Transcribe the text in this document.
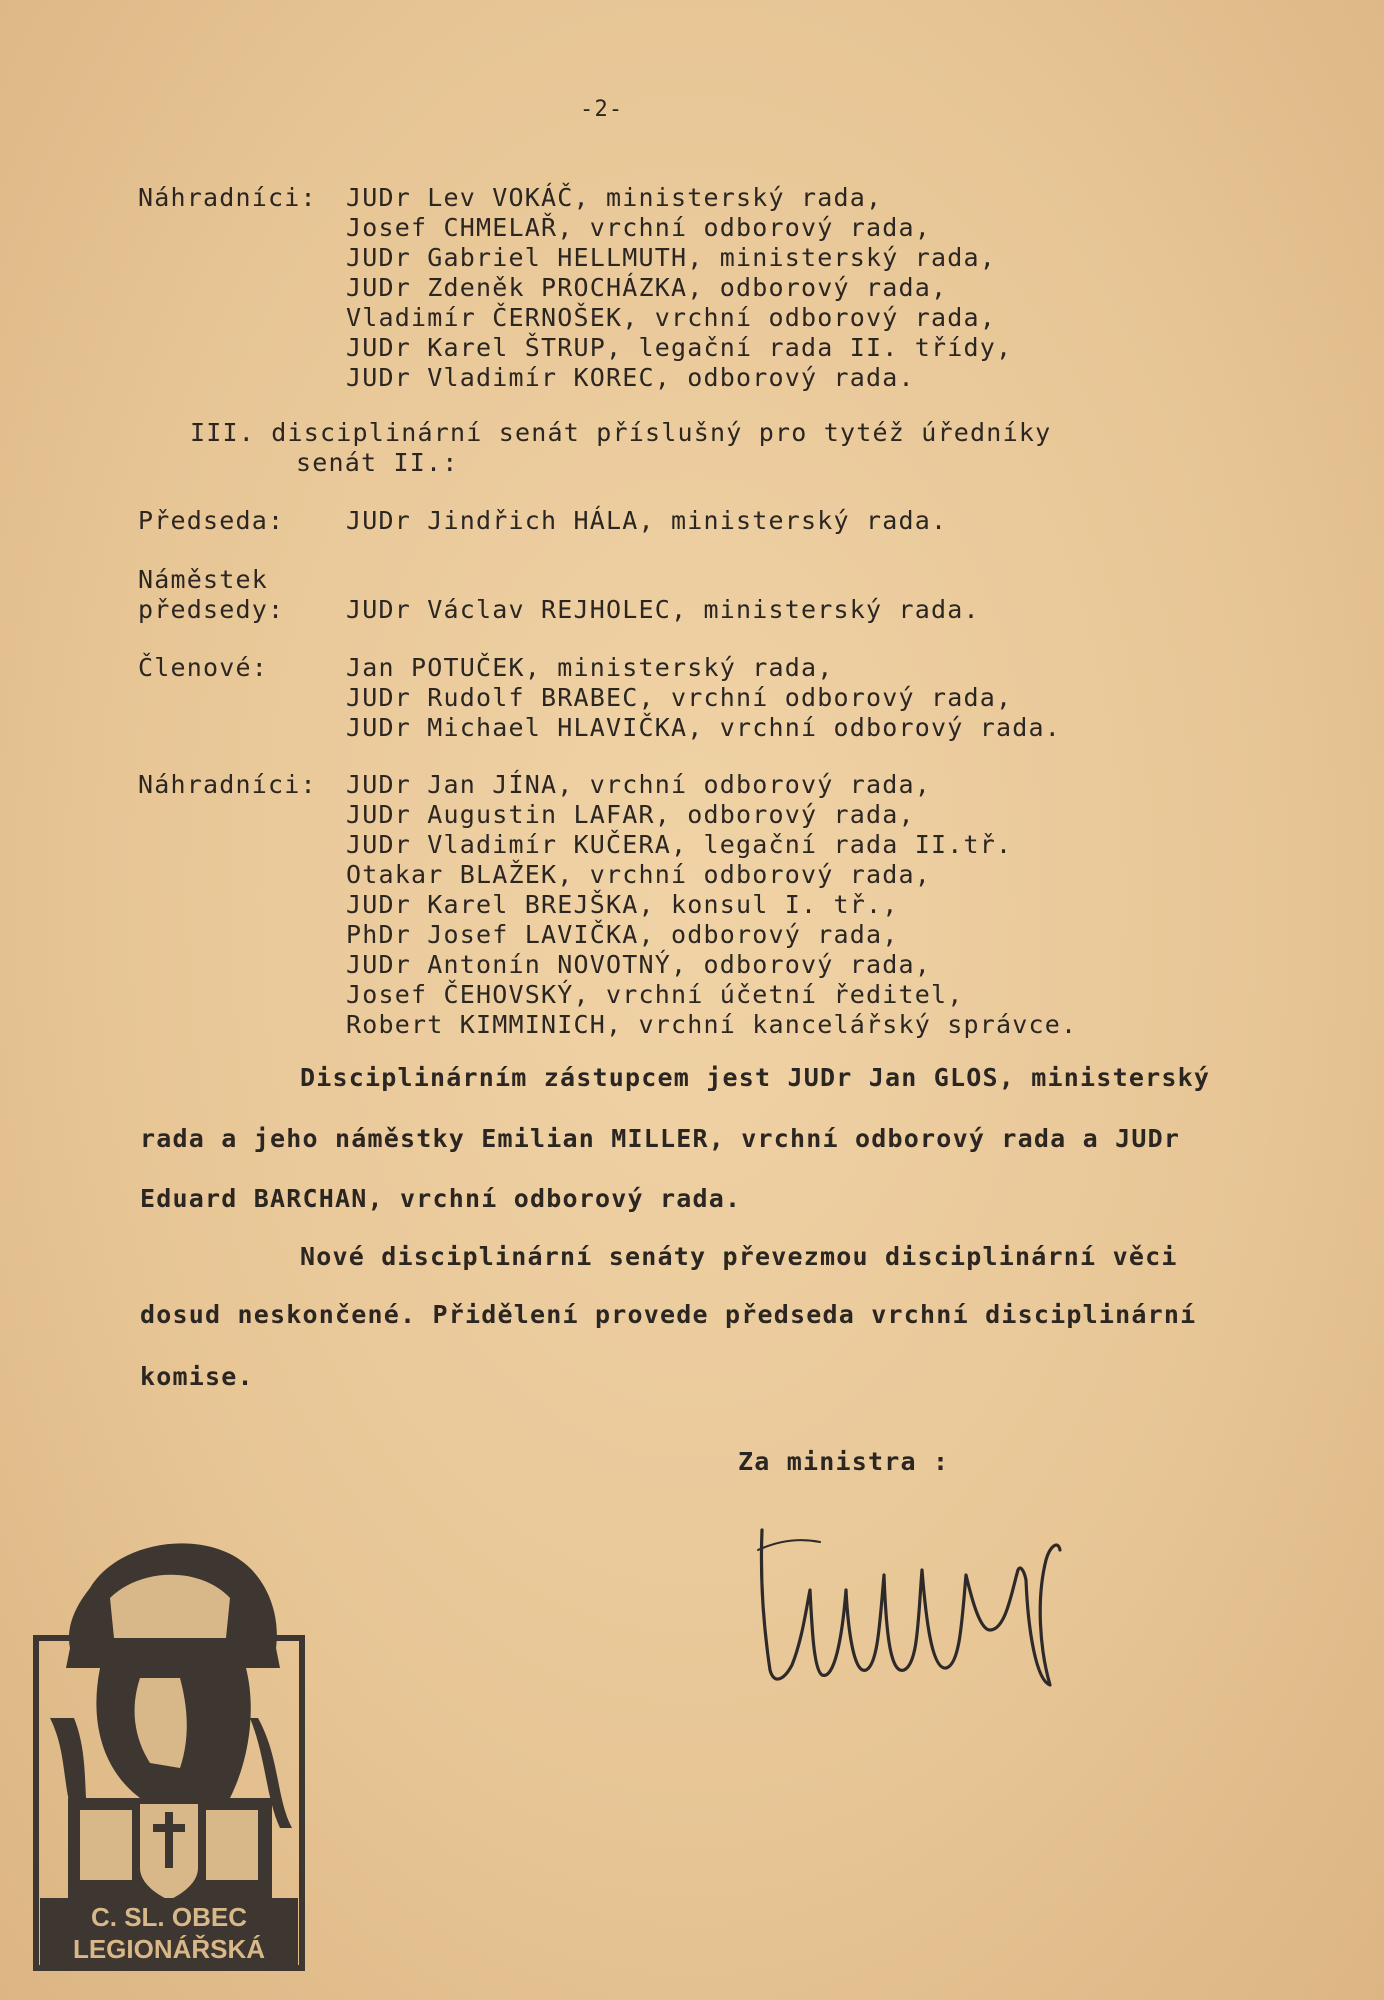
-2-
Náhradníci: JUDr Lev VOKÁČ, ministerský rada,
Josef CHMELAŘ, vrchní odborový rada,
JUDr Gabriel HELLMUTH, ministerský rada,
JUDr Zdeněk PROCHÁZKA, odborový rada,
Vladimír ČERNOŠEK, vrchní odborový rada,
JUDr Karel ŠTRUP, legační rada II. třídy,
JUDr Vladimír KOREC, odborový rada.
III. disciplinární senát příslušný pro tytéž úředníky
senát II.:
Předseda: JUDr Jindřich HÁLA, ministerský rada.
Náměstek
předsedy: JUDr Václav REJHOLEC, ministerský rada.
Členové:	Jan POTUČEK, ministerský rada,
JUDr Rudolf BRABEC, vrchní odborový rada,
JUDr Michael HLAVIČKA, vrchní odborový rada.
Náhradníci: JUDr Jan JÍNA, vrchní odborový rada,
JUDr Augustin LAFAR, odborový rada,
JUDr Vladimír KUČERA, legační rada II.tř.
Otakar BLAŽEK, vrchní odborový rada,
JUDr Karel BREJŠKA, konsul I. tř.,
PhDr Josef LAVIČKA, odborový rada,
JUDr Antonín NOVOTNÝ, odborový rada,
Josef ČEHOVSKÝ, vrchní účetní ředitel,
Robert KIMMINICH, vrchní kancelářský správce.
Disciplinárním zástupcem jest JUDr Jan GLOS, ministerský
rada a jeho náměstky Emilian MILLER, vrchní odborový rada a JUDr
Eduard BARCHAN, vrchní odborový rada.
Nové disciplinární senáty převezmou disciplinární věci
dosud neskončené. Přidělení provede předseda vrchní disciplinární
komise.
Za ministra :
C. SL. OBEC
LEGIONÁŘSKÁ
